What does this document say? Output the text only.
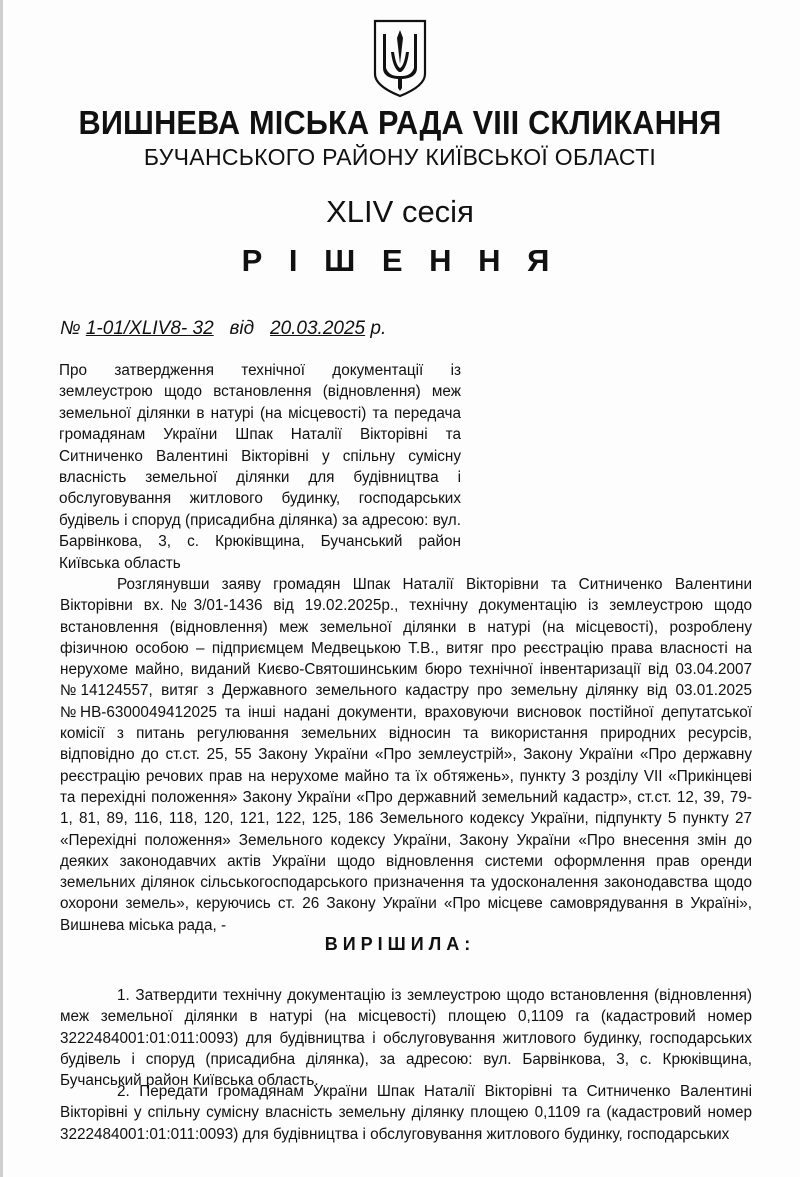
ВИШНЕВА МІСЬКА РАДА VIII СКЛИКАННЯ
БУЧАНСЬКОГО РАЙОНУ КИЇВСЬКОЇ ОБЛАСТІ
XLIV сесія
Р І Ш Е Н Н Я
№ 1-01/XLIV8- 32 від 20.03.2025 р.
Про затвердження технічної документації із землеустрою щодо встановлення (відновлення) меж земельної ділянки в натурі (на місцевості) та передача громадянам України Шпак Наталії Вікторівні та Ситниченко Валентині Вікторівні у спільну сумісну власність земельної ділянки для будівництва і обслуговування житлового будинку, господарських будівель і споруд (присадибна ділянка) за адресою: вул. Барвінкова, 3, с. Крюківщина, Бучанський район Київська область
Розглянувши заяву громадян Шпак Наталії Вікторівни та Ситниченко Валентини Вікторівни вх.№3/01-1436 від 19.02.2025р., технічну документацію із землеустрою щодо встановлення (відновлення) меж земельної ділянки в натурі (на місцевості), розроблену фізичною особою – підприємцем Медвецькою Т.В., витяг про реєстрацію права власності на нерухоме майно, виданий Києво-Святошинським бюро технічної інвентаризації від 03.04.2007 №14124557, витяг з Державного земельного кадастру про земельну ділянку від 03.01.2025 №НВ-6300049412025 та інші надані документи, враховуючи висновок постійної депутатської комісії з питань регулювання земельних відносин та використання природних ресурсів, відповідно до ст.ст. 25, 55 Закону України «Про землеустрій», Закону України «Про державну реєстрацію речових прав на нерухоме майно та їх обтяжень», пункту 3 розділу VII «Прикінцеві та перехідні положення» Закону України «Про державний земельний кадастр», ст.ст. 12, 39, 79-1, 81, 89, 116, 118, 120, 121, 122, 125, 186 Земельного кодексу України, підпункту 5 пункту 27 «Перехідні положення» Земельного кодексу України, Закону України «Про внесення змін до деяких законодавчих актів України щодо відновлення системи оформлення прав оренди земельних ділянок сільськогосподарського призначення та удосконалення законодавства щодо охорони земель», керуючись ст. 26 Закону України «Про місцеве самоврядування в Україні», Вишнева міська рада, -
ВИРІШИЛА:
1. Затвердити технічну документацію із землеустрою щодо встановлення (відновлення) меж земельної ділянки в натурі (на місцевості) площею 0,1109 га (кадастровий номер 3222484001:01:011:0093) для будівництва і обслуговування житлового будинку, господарських будівель і споруд (присадибна ділянка), за адресою: вул. Барвінкова, 3, с. Крюківщина, Бучанський район Київська область.
2. Передати громадянам України Шпак Наталії Вікторівні та Ситниченко Валентині Вікторівні у спільну сумісну власність земельну ділянку площею 0,1109 га (кадастровий номер 3222484001:01:011:0093) для будівництва і обслуговування житлового будинку, господарських
